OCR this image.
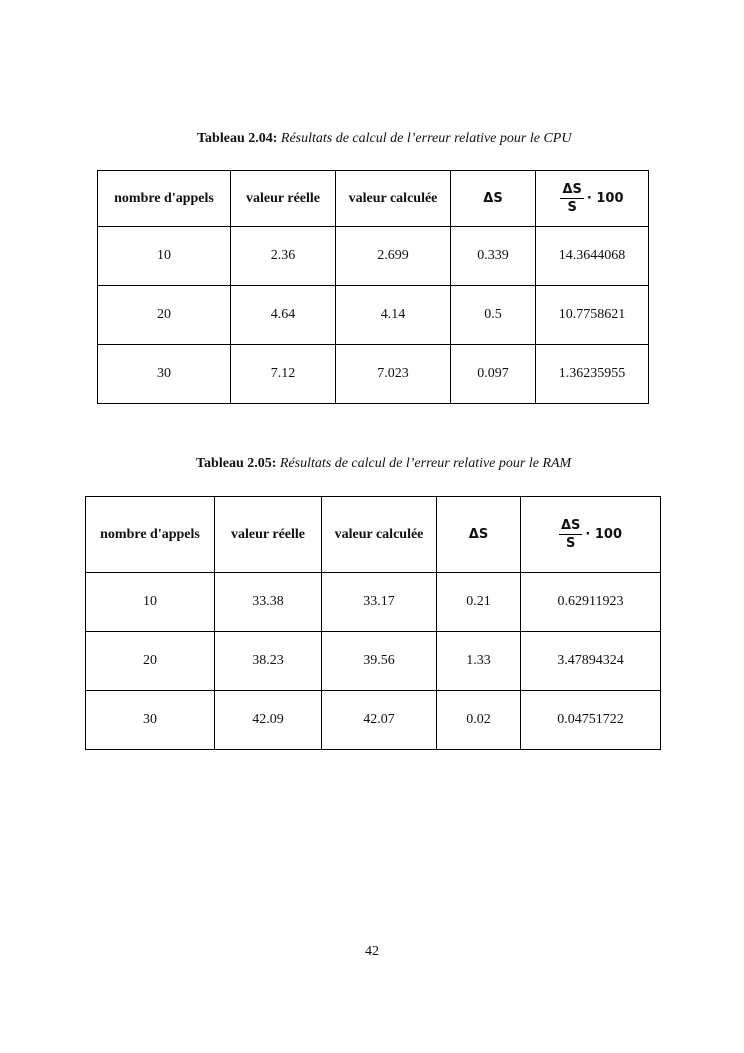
Tableau 2.04: Résultats de calcul de l’erreur relative pour le CPU
nombre d'appels	valeur réelle	valeur calculée	ΔS	$\frac{\Delta S}{S} \cdot 100$

10	2.36	2.699	0.339	14.3644068
20	4.64	4.14	0.5	10.7758621
30	7.12	7.023	0.097	1.36235955
Tableau 2.05: Résultats de calcul de l’erreur relative pour le RAM
nombre d'appels	valeur réelle	valeur calculée	ΔS	$\frac{\Delta S}{S} \cdot 100$

10	33.38	33.17	0.21	0.62911923
20	38.23	39.56	1.33	3.47894324
30	42.09	42.07	0.02	0.04751722
42
